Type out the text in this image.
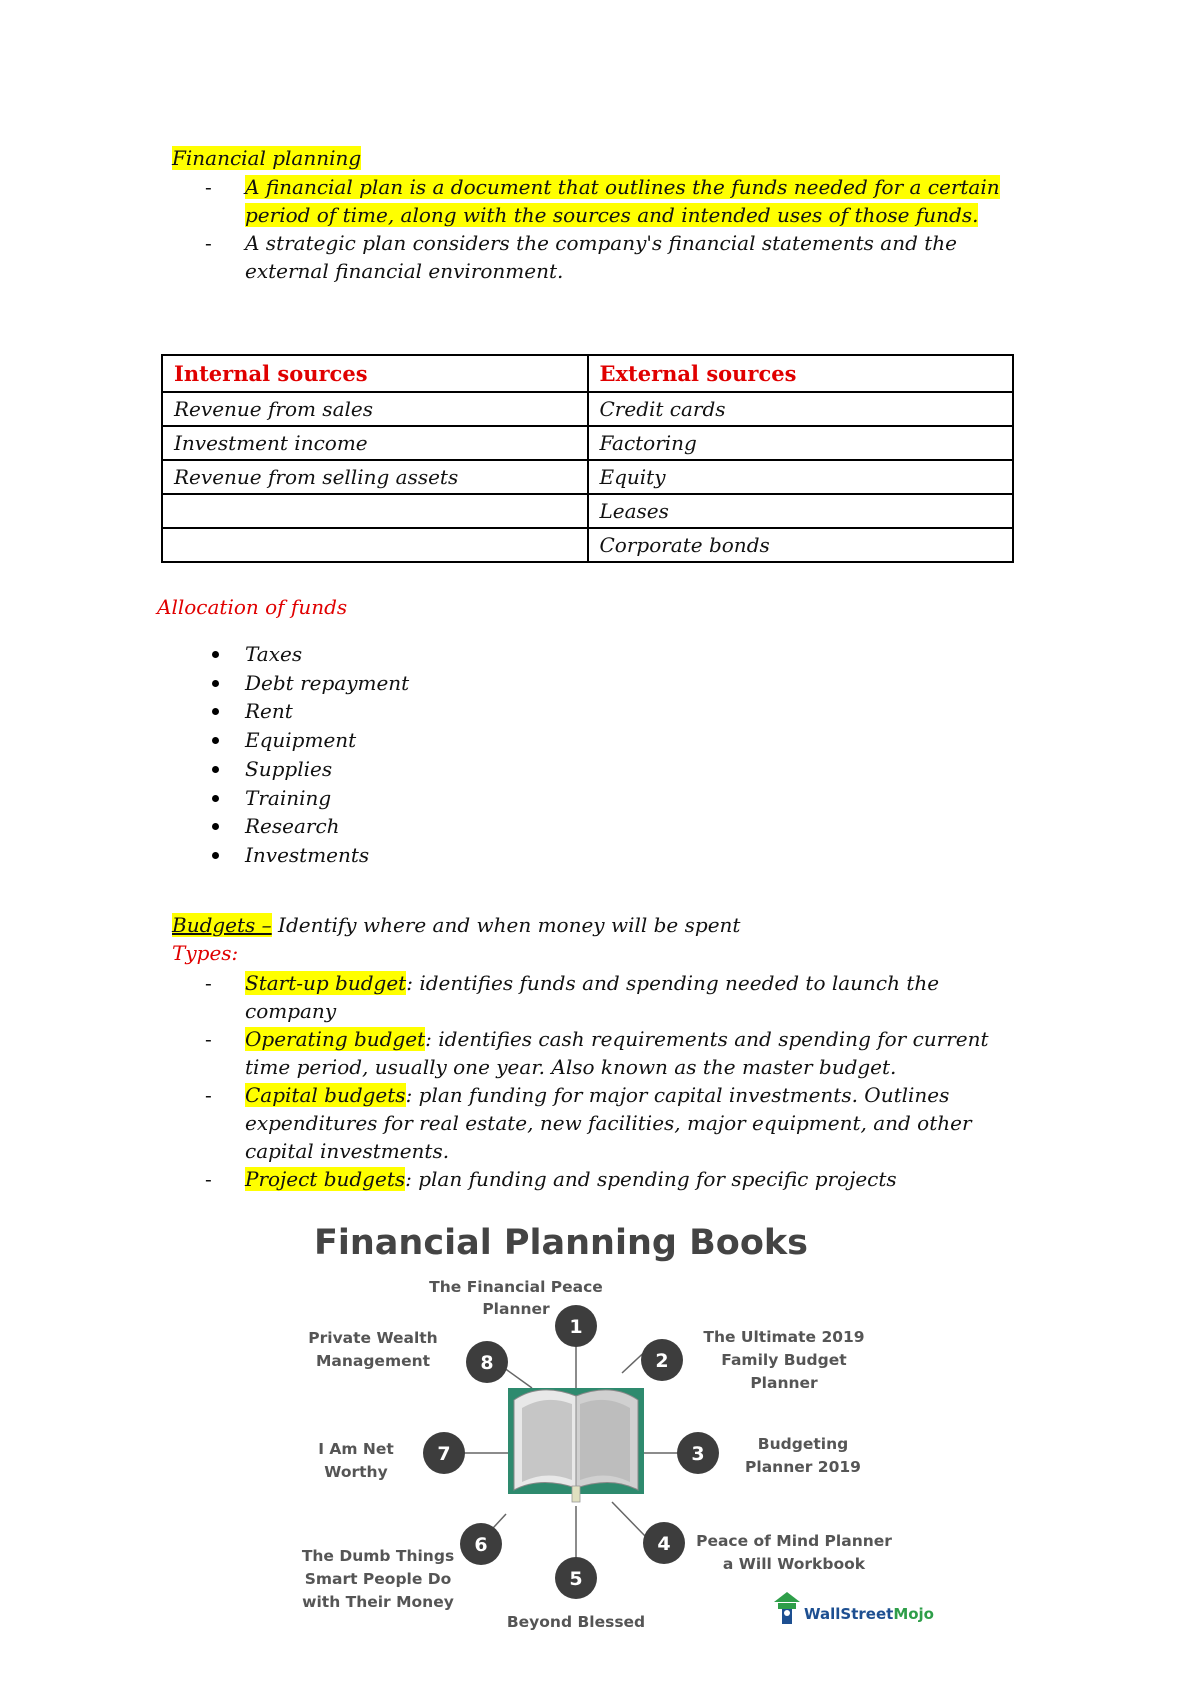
Financial planning
- A financial plan is a document that outlines the funds needed for a certain period of time, along with the sources and intended uses of those funds.
- A strategic plan considers the company's financial statements and the external financial environment.
Internal sources	External sources
Revenue from sales	Credit cards
Investment income	Factoring
Revenue from selling assets	Equity
	Leases
	Corporate bonds
Allocation of funds
Taxes
Debt repayment
Rent
Equipment
Supplies
Training
Research
Investments
Budgets – Identify where and when money will be spent
Types:
- Start-up budget: identifies funds and spending needed to launch the company
- Operating budget: identifies cash requirements and spending for current time period, usually one year. Also known as the master budget.
- Capital budgets: plan funding for major capital investments. Outlines expenditures for real estate, new facilities, major equipment, and other capital investments.
- Project budgets: plan funding and spending for specific projects
Financial Planning Books
1
The Financial Peace
Planner
2
The Ultimate 2019
Family Budget
Planner
3	Budgeting
Planner 2019
4 Peace of Mind Planner
a Will Workbook
5
Beyond Blessed
6
The Dumb Things
Smart People Do
with Their Money
7
I Am Net
Worthy
8
Private Wealth
Management
WallStreetMojo
